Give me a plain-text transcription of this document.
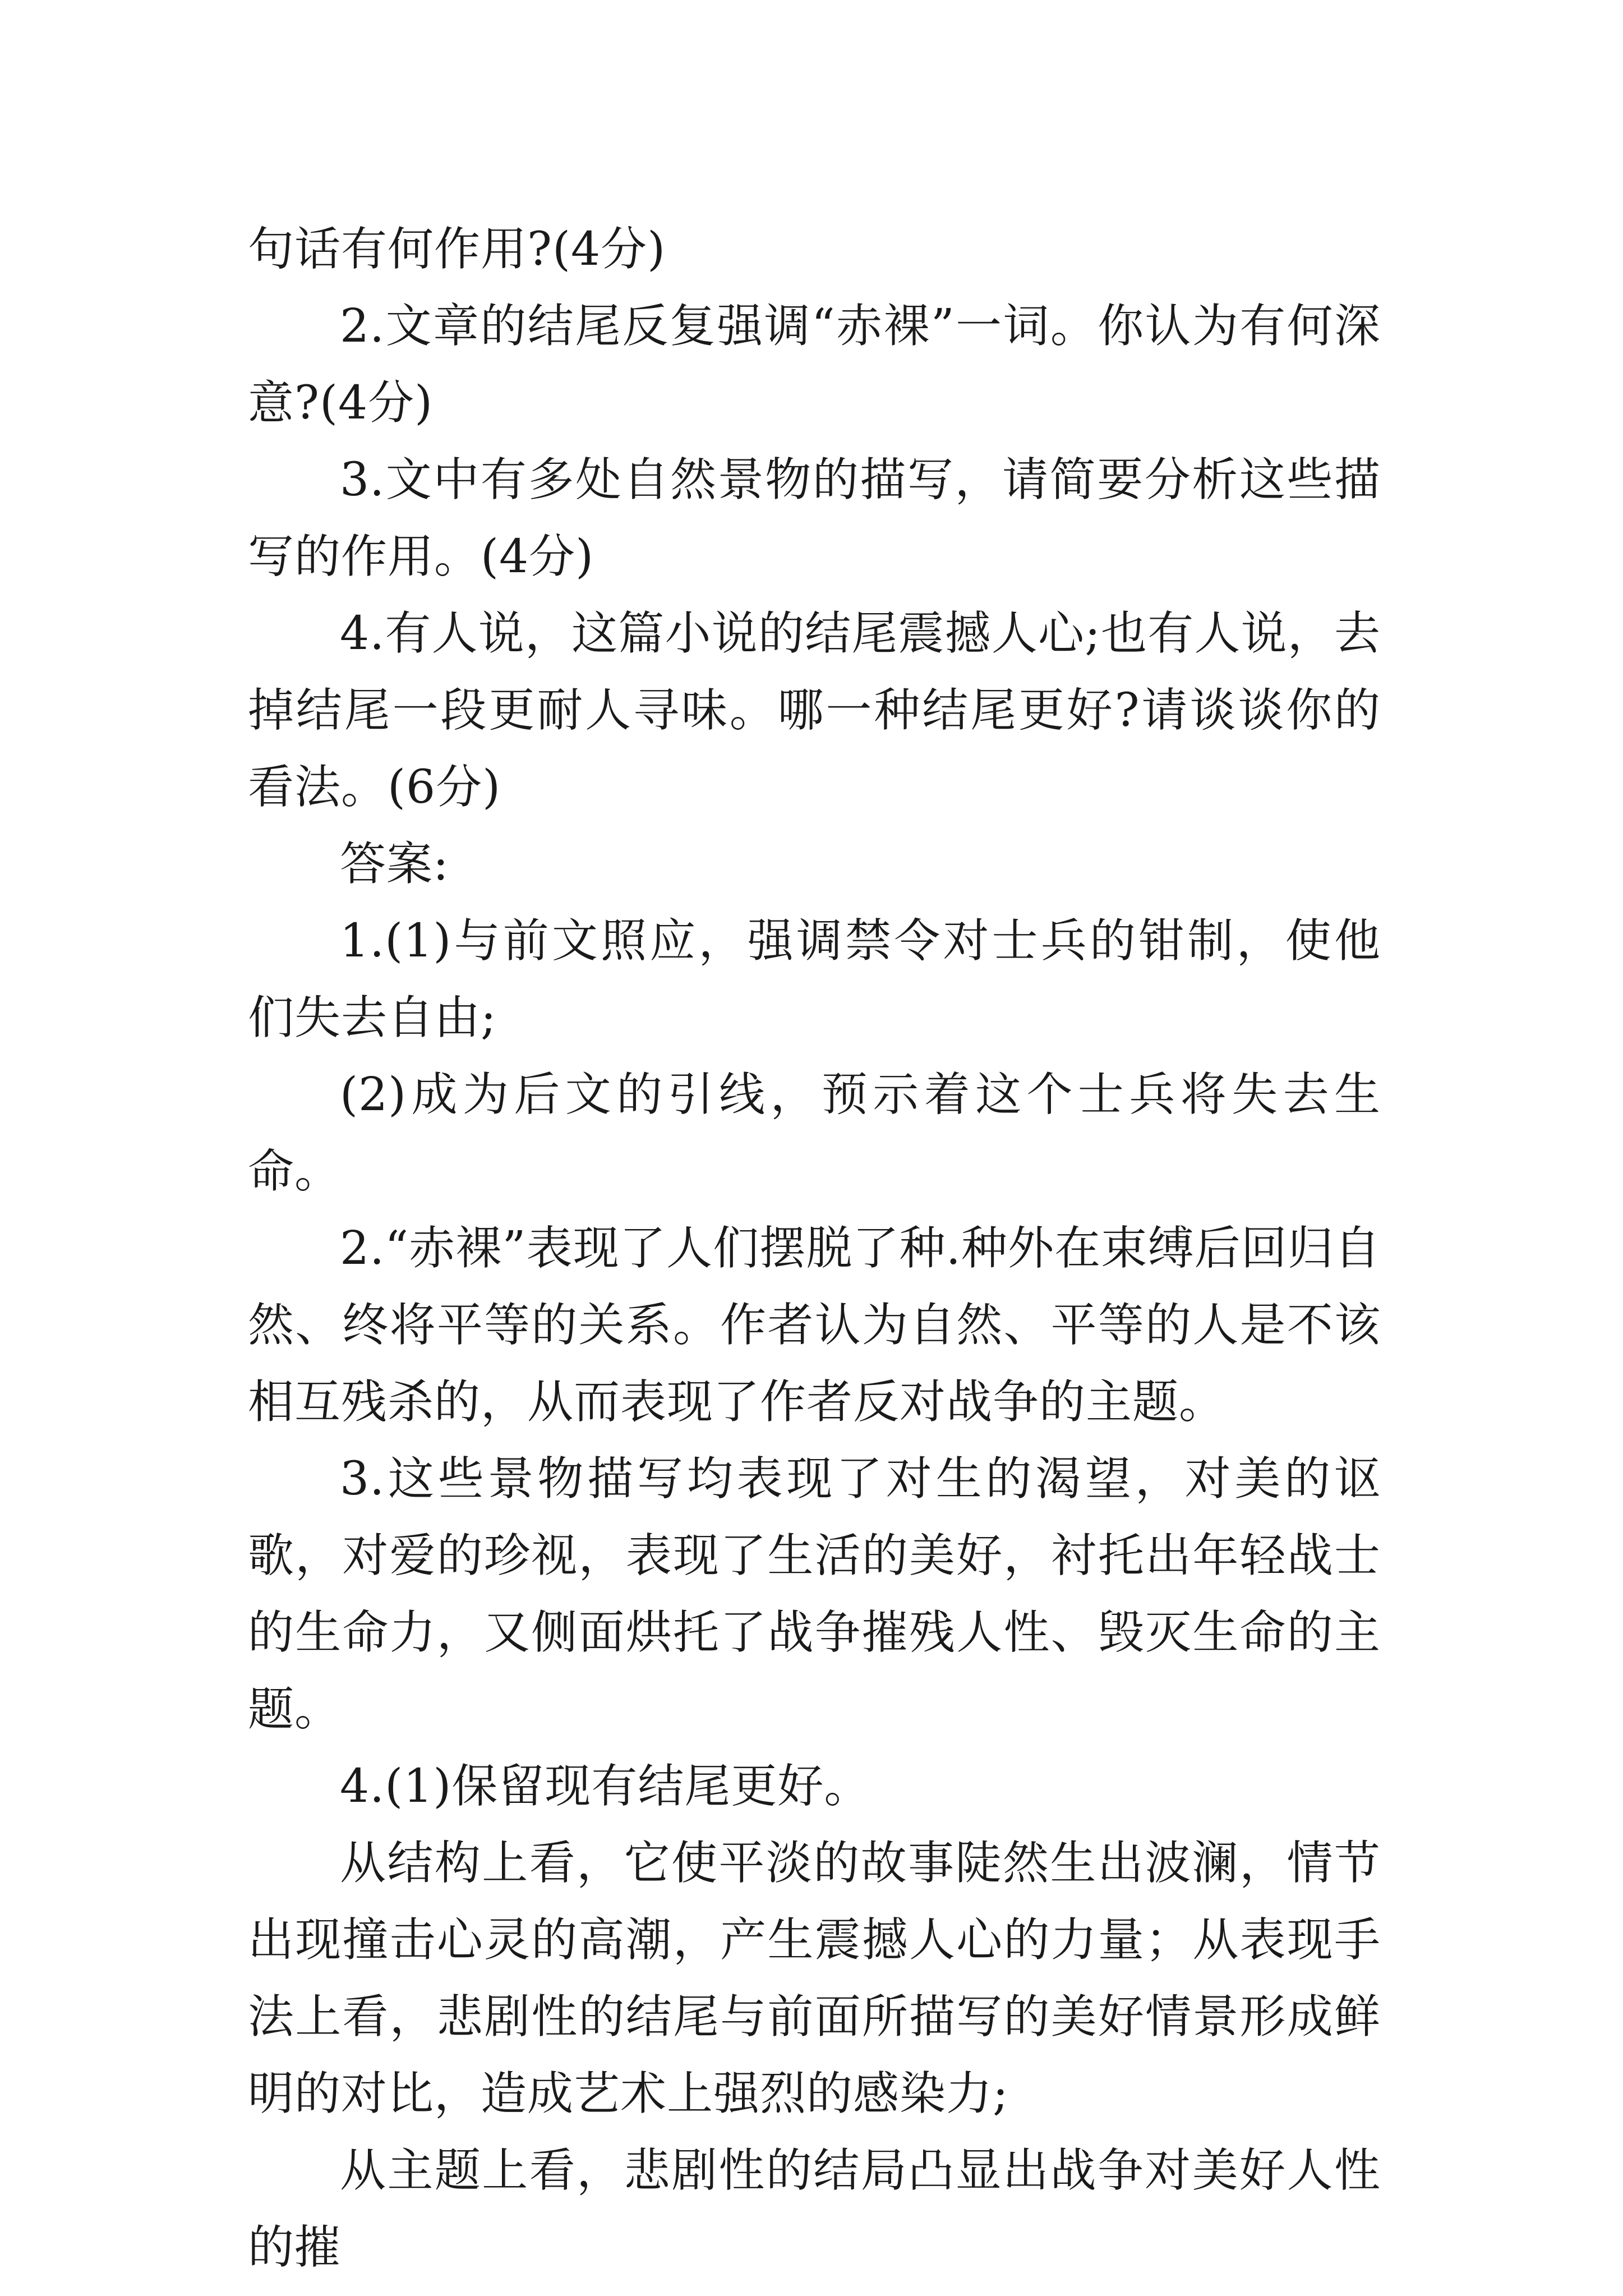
句话有何作用?(4分)

2.文章的结尾反复强调“赤裸”一词。你认为有何深意?(4分)

3.文中有多处自然景物的描写，请简要分析这些描写的作用。(4分)

4.有人说，这篇小说的结尾震撼人心;也有人说，去掉结尾一段更耐人寻味。哪一种结尾更好?请谈谈你的看法。(6分)

答案:

1.(1)与前文照应，强调禁令对士兵的钳制，使他们失去自由;

(2)成为后文的引线，预示着这个士兵将失去生命。

2.“赤裸”表现了人们摆脱了种.种外在束缚后回归自然、终将平等的关系。作者认为自然、平等的人是不该相互残杀的，从而表现了作者反对战争的主题。

3.这些景物描写均表现了对生的渴望，对美的讴歌，对爱的珍视，表现了生活的美好，衬托出年轻战士的生命力，又侧面烘托了战争摧残人性、毁灭生命的主题。

4.(1)保留现有结尾更好。

从结构上看，它使平淡的故事陡然生出波澜，情节出现撞击心灵的高潮，产生震撼人心的力量；从表现手法上看，悲剧性的结尾与前面所描写的美好情景形成鲜明的对比，造成艺术上强烈的感染力;

从主题上看，悲剧性的结局凸显出战争对美好人性的摧
